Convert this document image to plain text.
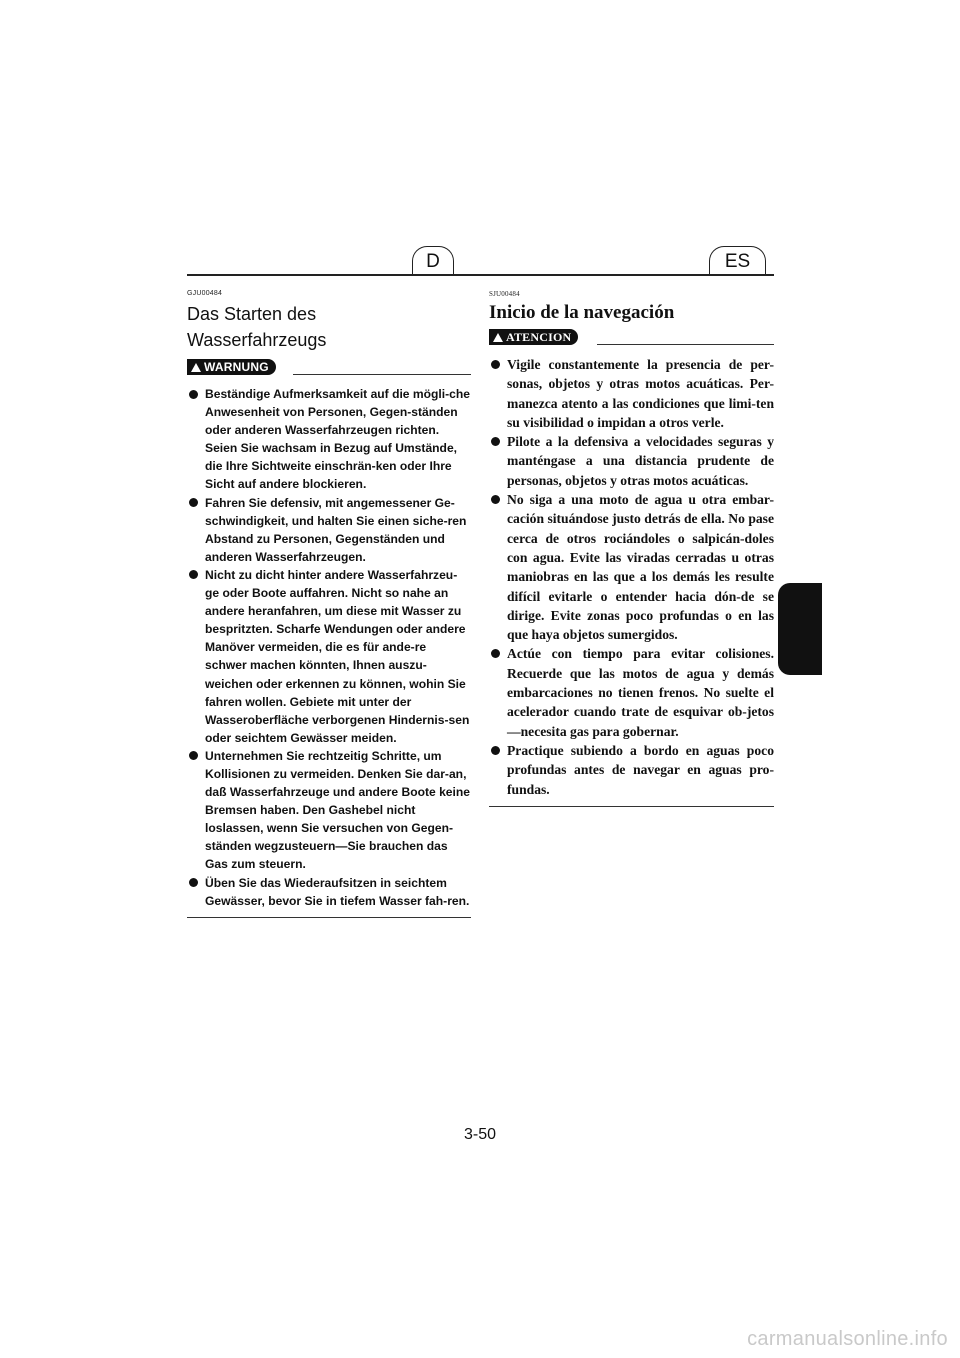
D	ES
GJU00484
Das Starten des
Wasserfahrzeugs
WARNUNG
Beständige Aufmerksamkeit auf die mögli-che Anwesenheit von Personen, Gegen-ständen oder anderen Wasserfahrzeugen richten. Seien Sie wachsam in Bezug auf Umstände, die Ihre Sichtweite einschrän-ken oder Ihre Sicht auf andere blockieren.
Fahren Sie defensiv, mit angemessener Ge-schwindigkeit, und halten Sie einen siche-ren Abstand zu Personen, Gegenständen und anderen Wasserfahrzeugen.
Nicht zu dicht hinter andere Wasserfahrzeu-ge oder Boote auffahren. Nicht so nahe an andere heranfahren, um diese mit Wasser zu bespritzten. Scharfe Wendungen oder andere Manöver vermeiden, die es für ande-re schwer machen könnten, Ihnen auszu-weichen oder erkennen zu können, wohin Sie fahren wollen. Gebiete mit unter der Wasseroberfläche verborgenen Hindernis-sen oder seichtem Gewässer meiden.
Unternehmen Sie rechtzeitig Schritte, um Kollisionen zu vermeiden. Denken Sie dar-an, daß Wasserfahrzeuge und andere Boote keine Bremsen haben. Den Gashebel nicht loslassen, wenn Sie versuchen von Gegen-ständen wegzusteuern—Sie brauchen das Gas zum steuern.
Üben Sie das Wiederaufsitzen in seichtem Gewässer, bevor Sie in tiefem Wasser fah-ren.
SJU00484
Inicio de la navegación
ATENCION
Vigile constantemente la presencia de per-sonas, objetos y otras motos acuáticas. Per-manezca atento a las condiciones que limi-ten su visibilidad o impidan a otros verle.
Pilote a la defensiva a velocidades seguras y manténgase a una distancia prudente de personas, objetos y otras motos acuáticas.
No siga a una moto de agua u otra embar-cación situándose justo detrás de ella. No pase cerca de otros rociándoles o salpicán-doles con agua. Evite las viradas cerradas u otras maniobras en las que a los demás les resulte difícil evitarle o entender hacia dón-de se dirige. Evite zonas poco profundas o en las que haya objetos sumergidos.
Actúe con tiempo para evitar colisiones. Recuerde que las motos de agua y demás embarcaciones no tienen frenos. No suelte el acelerador cuando trate de esquivar ob-jetos—necesita gas para gobernar.
Practique subiendo a bordo en aguas poco profundas antes de navegar en aguas pro-fundas.
3-50
carmanualsonline.info
